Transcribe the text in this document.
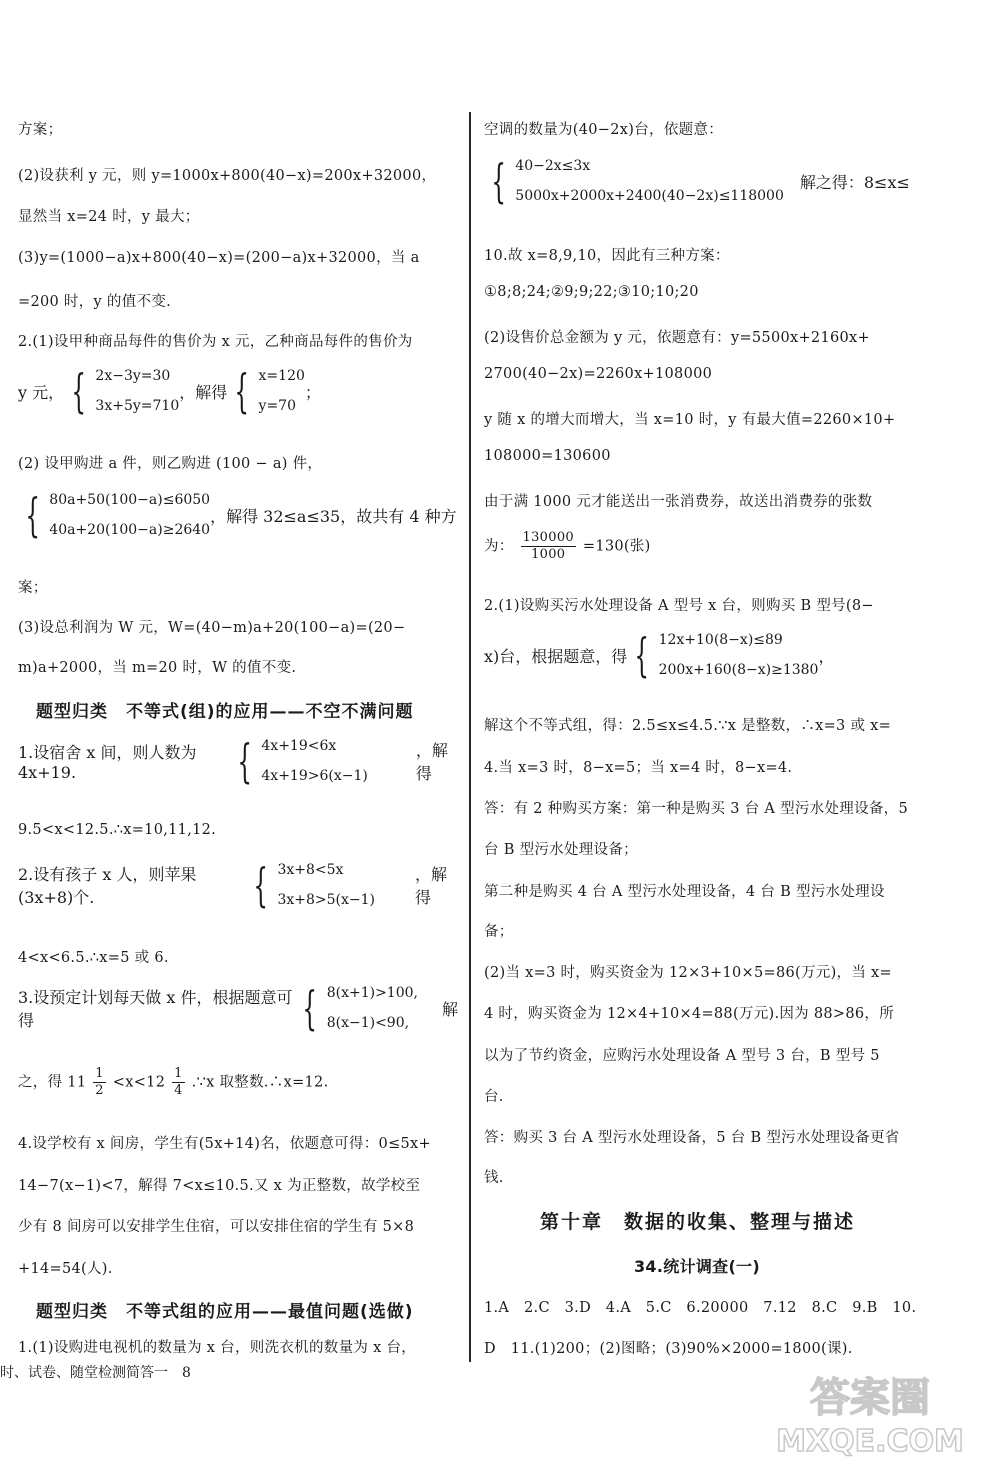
方案；
(2)设获利 y 元，则 y=1000x+800(40−x)=200x+32000，
显然当 x=24 时，y 最大；
(3)y=(1000−a)x+800(40−x)=(200−a)x+32000，当 a
=200 时，y 的值不变.
2.(1)设甲种商品每件的售价为 x 元，乙种商品每件的售价为
y 元， { 2x−3y=30
3x+5y=710
，解得 { x=120
y=70
；
(2) 设甲购进 a 件，则乙购进 (100 − a) 件，
{ 80a+50(100−a)≤6050
40a+20(100−a)≥2640
，解得 32≤a≤35，故共有 4 种方
案；
(3)设总利润为 W 元，W=(40−m)a+20(100−a)=(20−
m)a+2000，当 m=20 时，W 的值不变.
题型归类　不等式(组)的应用——不空不满问题
1.设宿舍 x 间，则人数为 4x+19.	{ 4x+19<6x
4x+19>6(x−1)
，解得
9.5<x<12.5.∴x=10,11,12.
2.设有孩子 x 人，则苹果(3x+8)个.	{ 3x+8<5x
3x+8>5(x−1)
，解得
4<x<6.5.∴x=5 或 6.
3.设预定计划每天做 x 件，根据题意可得	{ 8(x+1)>100,
8(x−1)<90,
解
之，得 $11 \frac{1}{2} <x<12 \frac{1}{4}$ .∵x 取整数.∴x=12.
4.设学校有 x 间房，学生有(5x+14)名，依题意可得：0≤5x+
14−7(x−1)<7，解得 7<x≤10.5.又 x 为正整数，故学校至
少有 8 间房可以安排学生住宿，可以安排住宿的学生有 5×8
+14=54(人).
题型归类　不等式组的应用——最值问题(选做)
1.(1)设购进电视机的数量为 x 台，则洗衣机的数量为 x 台，
空调的数量为(40−2x)台，依题意：
{ 40−2x≤3x
5000x+2000x+2400(40−2x)≤118000
解之得：8≤x≤
10.故 x=8,9,10，因此有三种方案：
①8;8;24;②9;9;22;③10;10;20
(2)设售价总金额为 y 元，依题意有：y=5500x+2160x+
2700(40−2x)=2260x+108000
y 随 x 的增大而增大，当 x=10 时，y 有最大值=2260×10+
108000=130600
由于满 1000 元才能送出一张消费券，故送出消费券的张数
为： $\frac{130000}{1000} =130$(张)
2.(1)设购买污水处理设备 A 型号 x 台，则购买 B 型号(8−
x)台，根据题意，得 { 12x+10(8−x)≤89
200x+160(8−x)≥1380
，
解这个不等式组，得：2.5≤x≤4.5.∵x 是整数，∴x=3 或 x=
4.当 x=3 时，8−x=5；当 x=4 时，8−x=4.
答：有 2 种购买方案：第一种是购买 3 台 A 型污水处理设备，5
台 B 型污水处理设备；
第二种是购买 4 台 A 型污水处理设备，4 台 B 型污水处理设
备；
(2)当 x=3 时，购买资金为 12×3+10×5=86(万元)，当 x=
4 时，购买资金为 12×4+10×4=88(万元).因为 88>86，所
以为了节约资金，应购污水处理设备 A 型号 3 台，B 型号 5
台.
答：购买 3 台 A 型污水处理设备，5 台 B 型污水处理设备更省
钱.
第十章　数据的收集、整理与描述
34.统计调查(一)
1.A　2.C　3.D　4.A　5.C　6.20000　7.12　8.C　9.B　10.
D　11.(1)200；(2)图略；(3)90%×2000=1800(课).
时、试卷、随堂检测简答一　8
答案圈
MXQE.COM
